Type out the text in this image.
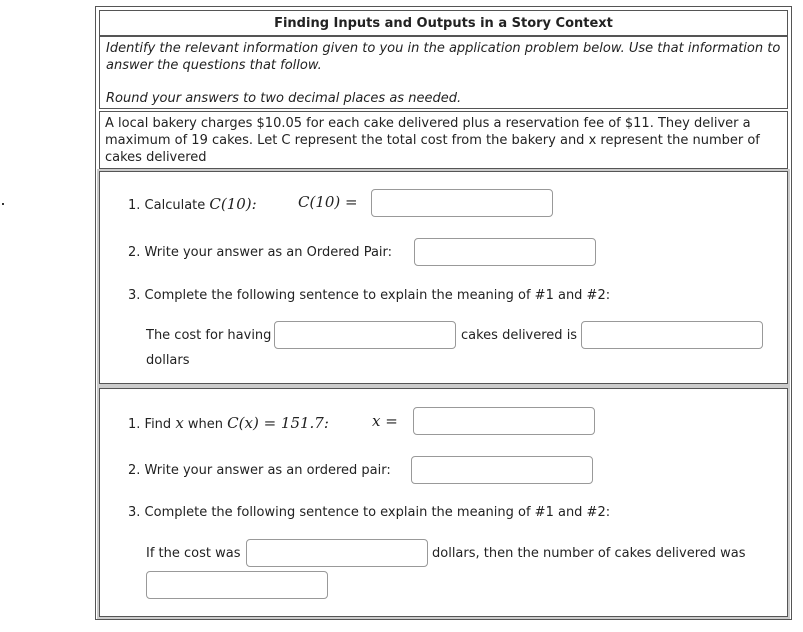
Finding Inputs and Outputs in a Story Context

Identify the relevant information given to you in the application problem below. Use that information to answer the questions that follow.

Round your answers to two decimal places as needed.

A local bakery charges $10.05 for each cake delivered plus a reservation fee of $11. They deliver a maximum of 19 cakes. Let C represent the total cost from the bakery and x represent the number of cakes delivered
1. Calculate C(10):	C(10) =
2. Write your answer as an Ordered Pair:
3. Complete the following sentence to explain the meaning of #1 and #2:
The cost for having	cakes delivered is
dollars
1. Find x when C(x) = 151.7:	x =
2. Write your answer as an ordered pair:
3. Complete the following sentence to explain the meaning of #1 and #2:
If the cost was	dollars, then the number of cakes delivered was
